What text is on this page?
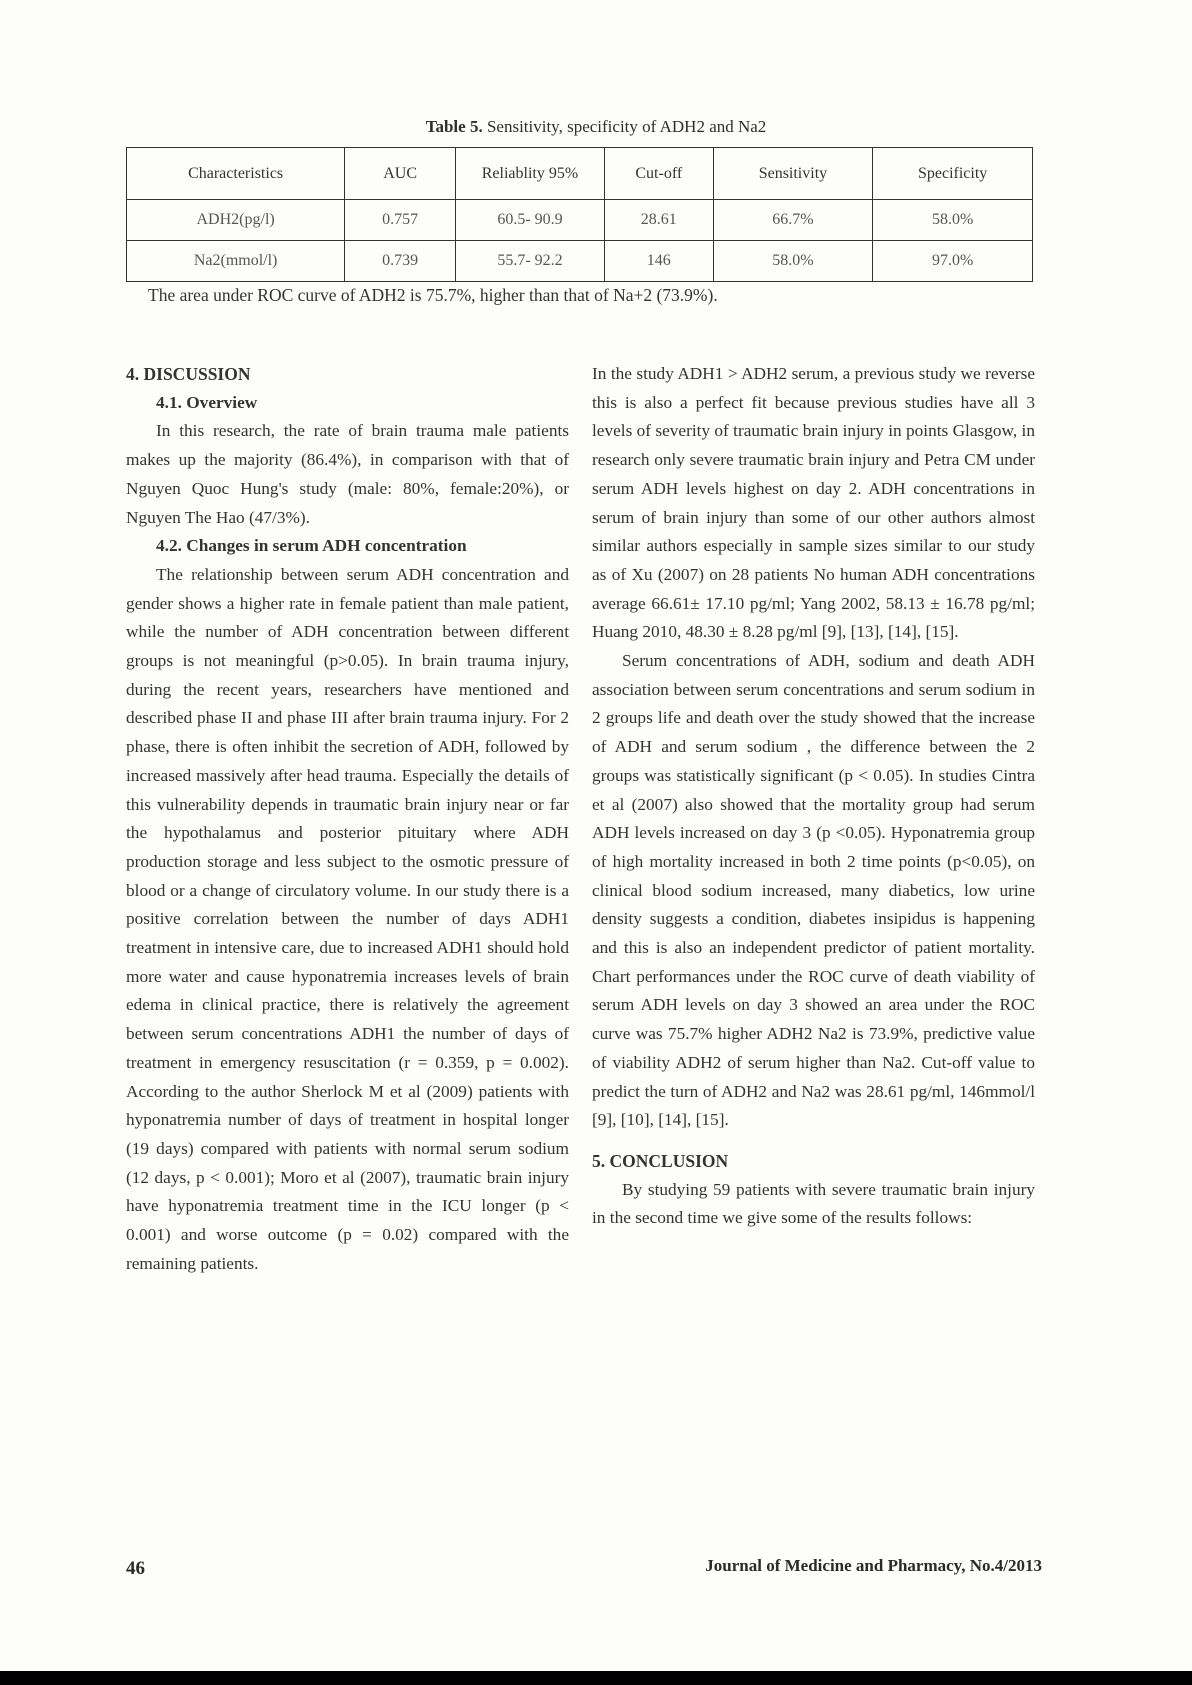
Table 5. Sensitivity, specificity of ADH2 and Na2
Characteristics	AUC	Reliablity 95%	Cut-off	Sensitivity	Specificity
ADH2(pg/l)	0.757	60.5- 90.9	28.61	66.7%	58.0%
Na2(mmol/l)	0.739	55.7- 92.2	146	58.0%	97.0%
The area under ROC curve of ADH2 is 75.7%, higher than that of Na+2 (73.9%).
4. DISCUSSION
4.1. Overview

In this research, the rate of brain trauma male patients makes up the majority (86.4%), in comparison with that of Nguyen Quoc Hung's study (male: 80%, female:20%), or Nguyen The Hao (47/3%).

4.2. Changes in serum ADH concentration

The relationship between serum ADH concentration and gender shows a higher rate in female patient than male patient, while the number of ADH concentration between different groups is not meaningful (p>0.05). In brain trauma injury, during the recent years, researchers have mentioned and described phase II and phase III after brain trauma injury. For 2 phase, there is often inhibit the secretion of ADH, followed by increased massively after head trauma. Especially the details of this vulnerability depends in traumatic brain injury near or far the hypothalamus and posterior pituitary where ADH production storage and less subject to the osmotic pressure of blood or a change of circulatory volume. In our study there is a positive correlation between the number of days ADH1 treatment in intensive care, due to increased ADH1 should hold more water and cause hyponatremia increases levels of brain edema in clinical practice, there is relatively the agreement between serum concentrations ADH1 the number of days of treatment in emergency resuscitation (r = 0.359, p = 0.002). According to the author Sherlock M et al (2009) patients with hyponatremia number of days of treatment in hospital longer (19 days) compared with patients with normal serum sodium (12 days, p < 0.001); Moro et al (2007), traumatic brain injury have hyponatremia treatment time in the ICU longer (p < 0.001) and worse outcome (p = 0.02) compared with the remaining patients.

In the study ADH1 > ADH2 serum, a previous study we reverse this is also a perfect fit because previous studies have all 3 levels of severity of traumatic brain injury in points Glasgow, in research only severe traumatic brain injury and Petra CM under serum ADH levels highest on day 2. ADH concentrations in serum of brain injury than some of our other authors almost similar authors especially in sample sizes similar to our study as of Xu (2007) on 28 patients No human ADH concentrations average 66.61± 17.10 pg/ml; Yang 2002, 58.13 ± 16.78 pg/ml; Huang 2010, 48.30 ± 8.28 pg/ml [9], [13], [14], [15].

Serum concentrations of ADH, sodium and death ADH association between serum concentrations and serum sodium in 2 groups life and death over the study showed that the increase of ADH and serum sodium , the difference between the 2 groups was statistically significant (p < 0.05). In studies Cintra et al (2007) also showed that the mortality group had serum ADH levels increased on day 3 (p <0.05). Hyponatremia group of high mortality increased in both 2 time points (p<0.05), on clinical blood sodium increased, many diabetics, low urine density suggests a condition, diabetes insipidus is happening and this is also an independent predictor of patient mortality. Chart performances under the ROC curve of death viability of serum ADH levels on day 3 showed an area under the ROC curve was 75.7% higher ADH2 Na2 is 73.9%, predictive value of viability ADH2 of serum higher than Na2. Cut-off value to predict the turn of ADH2 and Na2 was 28.61 pg/ml, 146mmol/l [9], [10], [14], [15].

5. CONCLUSION

By studying 59 patients with severe traumatic brain injury in the second time we give some of the results follows:

46	Journal of Medicine and Pharmacy, No.4/2013
